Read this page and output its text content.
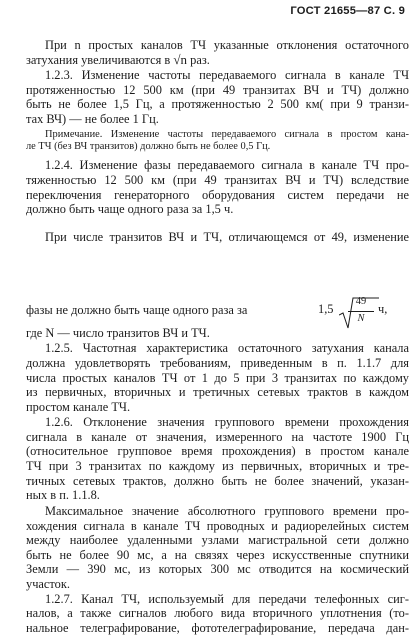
ГОСТ 21655—87 С. 9
При n простых каналов ТЧ указанные отклонения остаточного
затухания увеличиваются в √n раз.
1.2.3. Изменение частоты передаваемого сигнала в канале ТЧ
протяженностью 12 500 км (при 49 транзитах ВЧ и ТЧ) должно
быть не более 1,5 Гц, а протяженностью 2 500 км( при 9 транзи-
тах ВЧ) — не более 1 Гц.
Примечание. Изменение частоты передаваемого сигнала в простом кана-
ле ТЧ (без ВЧ транзитов) должно быть не более 0,5 Гц.
1.2.4. Изменение фазы передаваемого сигнала в канале ТЧ про-
тяженностью 12 500 км (при 49 транзитах ВЧ и ТЧ) вследствие
переключения генераторного оборудования систем передачи не
должно быть чаще одного раза за 1,5 ч.
При числе транзитов ВЧ и ТЧ, отличающемся от 49, изменение
фазы не должно быть чаще одного раза за	1,5
49
N
ч,
где N — число транзитов ВЧ и ТЧ.
1.2.5. Частотная характеристика остаточного затухания канала
должна удовлетворять требованиям, приведенным в п. 1.1.7 для
числа простых каналов ТЧ от 1 до 5 при 3 транзитах по каждому
из первичных, вторичных и третичных сетевых трактов в каждом
простом канале ТЧ.
1.2.6. Отклонение значения группового времени прохождения
сигнала в канале от значения, измеренного на частоте 1900 Гц
(относительное групповое время прохождения) в простом канале
ТЧ при 3 транзитах по каждому из первичных, вторичных и тре-
тичных сетевых трактов, должно быть не более значений, указан-
ных в п. 1.1.8.
Максимальное значение абсолютного группового времени про-
хождения сигнала в канале ТЧ проводных и радиорелейных систем
между наиболее удаленными узлами магистральной сети должно
быть не более 90 мс, а на связях через искусственные спутники
Земли — 390 мс, из которых 300 мс отводится на космический
участок.
1.2.7. Канал ТЧ, используемый для передачи телефонных сиг-
налов, а также сигналов любого вида вторичного уплотнения (то-
нальное телеграфирование, фототелеграфирование, передача дан-
